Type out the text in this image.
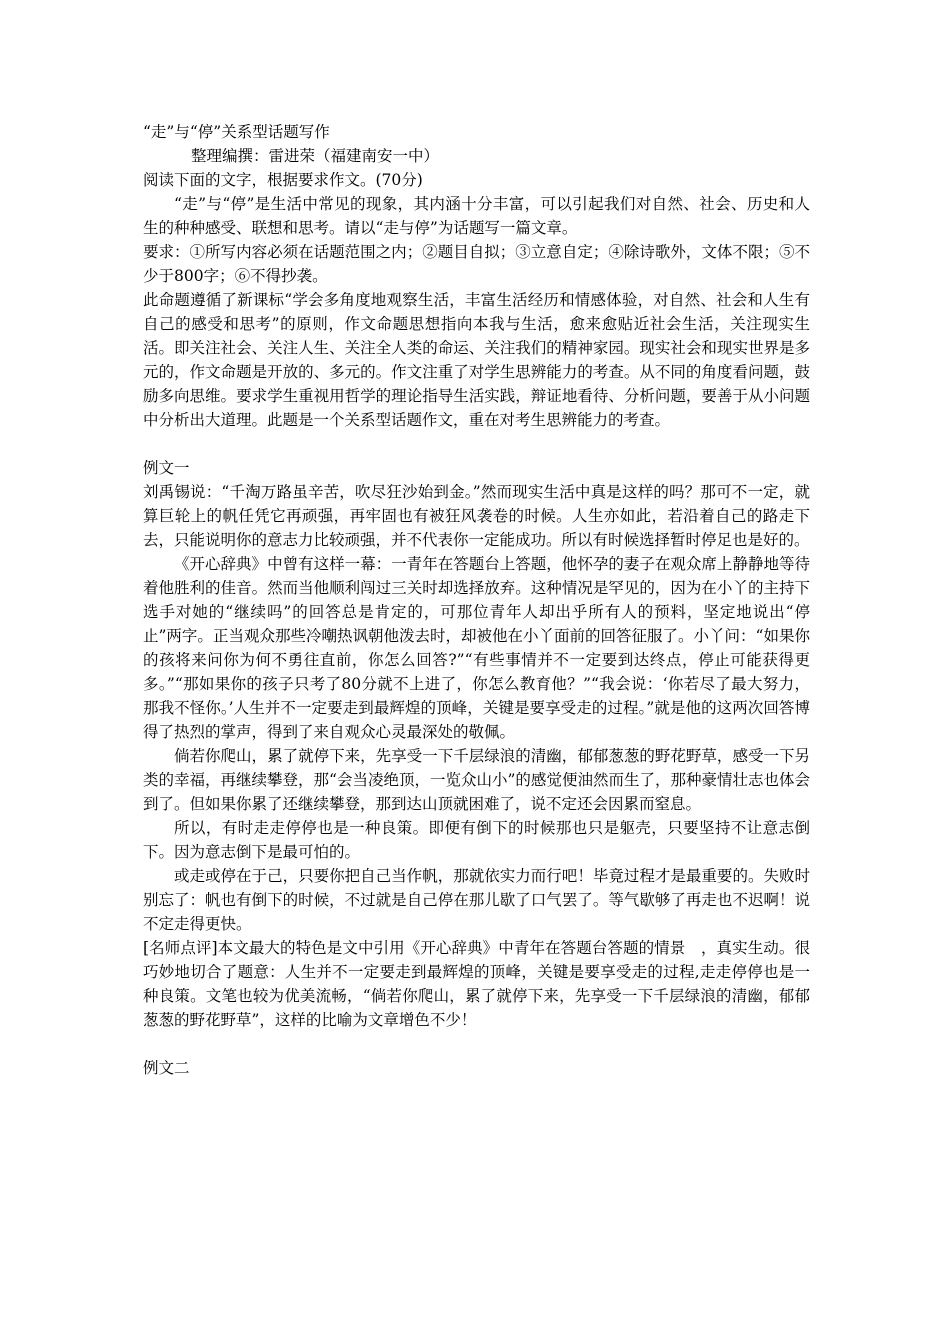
“走”与“停”关系型话题写作
整理编撰：雷进荣（福建南安一中）
阅读下面的文字，根据要求作文。(70分)

“走”与“停”是生活中常见的现象，其内涵十分丰富，可以引起我们对自然、社会、历史和人生的种种感受、联想和思考。请以“走与停”为话题写一篇文章。

要求：①所写内容必须在话题范围之内；②题目自拟；③立意自定；④除诗歌外，文体不限；⑤不少于800字；⑥不得抄袭。

此命题遵循了新课标“学会多角度地观察生活，丰富生活经历和情感体验，对自然、社会和人生有自己的感受和思考”的原则，作文命题思想指向本我与生活，愈来愈贴近社会生活，关注现实生活。即关注社会、关注人生、关注全人类的命运、关注我们的精神家园。现实社会和现实世界是多元的，作文命题是开放的、多元的。作文注重了对学生思辨能力的考查。从不同的角度看问题，鼓励多向思维。要求学生重视用哲学的理论指导生活实践，辩证地看待、分析问题，要善于从小问题中分析出大道理。此题是一个关系型话题作文，重在对考生思辨能力的考查。

例文一

刘禹锡说：“千淘万路虽辛苦，吹尽狂沙始到金。”然而现实生活中真是这样的吗？那可不一定，就算巨轮上的帆任凭它再顽强，再牢固也有被狂风袭卷的时候。人生亦如此，若沿着自己的路走下去，只能说明你的意志力比较顽强，并不代表你一定能成功。所以有时候选择暂时停足也是好的。

《开心辞典》中曾有这样一幕：一青年在答题台上答题，他怀孕的妻子在观众席上静静地等待着他胜利的佳音。然而当他顺利闯过三关时却选择放弃。这种情况是罕见的，因为在小丫的主持下选手对她的“继续吗”的回答总是肯定的，可那位青年人却出乎所有人的预料，坚定地说出“停止”两字。正当观众那些冷嘲热讽朝他泼去时，却被他在小丫面前的回答征服了。小丫问：“如果你的孩将来问你为何不勇往直前，你怎么回答?”“有些事情并不一定要到达终点，停止可能获得更多。”“那如果你的孩子只考了80分就不上进了，你怎么教育他？”“我会说：‘你若尽了最大努力，那我不怪你。’人生并不一定要走到最辉煌的顶峰，关键是要享受走的过程。”就是他的这两次回答博得了热烈的掌声，得到了来自观众心灵最深处的敬佩。

倘若你爬山，累了就停下来，先享受一下千层绿浪的清幽，郁郁葱葱的野花野草，感受一下另类的幸福，再继续攀登，那“会当凌绝顶，一览众山小”的感觉便油然而生了，那种豪情壮志也体会到了。但如果你累了还继续攀登，那到达山顶就困难了，说不定还会因累而窒息。

所以，有时走走停停也是一种良策。即便有倒下的时候那也只是躯壳，只要坚持不让意志倒下。因为意志倒下是最可怕的。

或走或停在于己，只要你把自己当作帆，那就依实力而行吧！毕竟过程才是最重要的。失败时别忘了：帆也有倒下的时候，不过就是自己停在那儿歇了口气罢了。等气歇够了再走也不迟啊！说不定走得更快。

[名师点评]本文最大的特色是文中引用《开心辞典》中青年在答题台答题的情景　，真实生动。很巧妙地切合了题意：人生并不一定要走到最辉煌的顶峰，关键是要享受走的过程,走走停停也是一种良策。文笔也较为优美流畅，“倘若你爬山，累了就停下来，先享受一下千层绿浪的清幽，郁郁葱葱的野花野草”，这样的比喻为文章增色不少！

例文二
